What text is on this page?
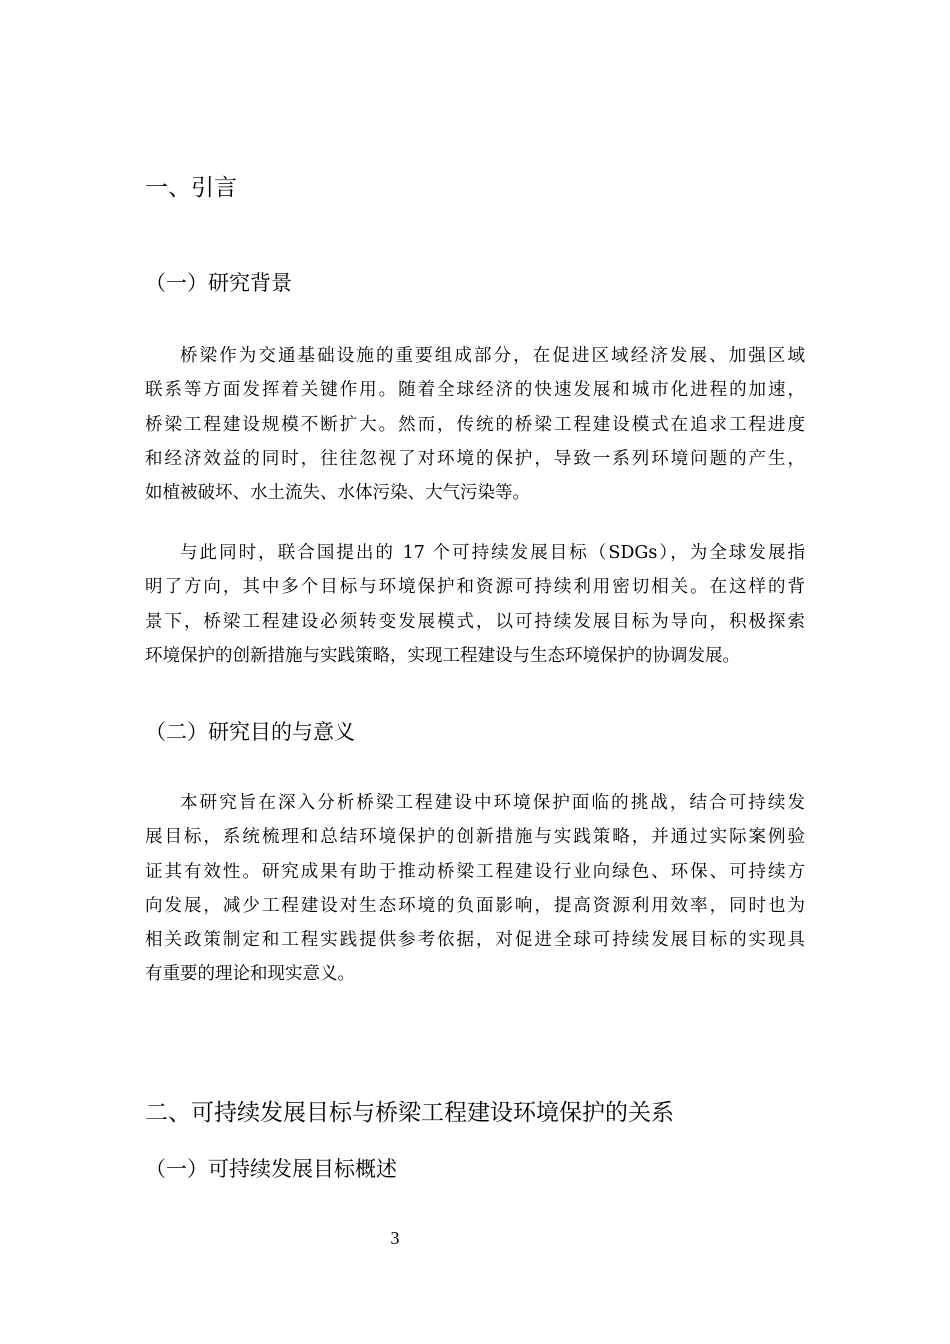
一、引言
（一）研究背景
桥梁作为交通基础设施的重要组成部分，在促进区域经济发展、加强区域
联系等方面发挥着关键作用。随着全球经济的快速发展和城市化进程的加速，
桥梁工程建设规模不断扩大。然而，传统的桥梁工程建设模式在追求工程进度
和经济效益的同时，往往忽视了对环境的保护，导致一系列环境问题的产生，
如植被破坏、水土流失、水体污染、大气污染等。
与此同时，联合国提出的 17 个可持续发展目标（SDGs），为全球发展指
明了方向，其中多个目标与环境保护和资源可持续利用密切相关。在这样的背
景下，桥梁工程建设必须转变发展模式，以可持续发展目标为导向，积极探索
环境保护的创新措施与实践策略，实现工程建设与生态环境保护的协调发展。
（二）研究目的与意义
本研究旨在深入分析桥梁工程建设中环境保护面临的挑战，结合可持续发
展目标，系统梳理和总结环境保护的创新措施与实践策略，并通过实际案例验
证其有效性。研究成果有助于推动桥梁工程建设行业向绿色、环保、可持续方
向发展，减少工程建设对生态环境的负面影响，提高资源利用效率，同时也为
相关政策制定和工程实践提供参考依据，对促进全球可持续发展目标的实现具
有重要的理论和现实意义。
二、可持续发展目标与桥梁工程建设环境保护的关系
（一）可持续发展目标概述
3
